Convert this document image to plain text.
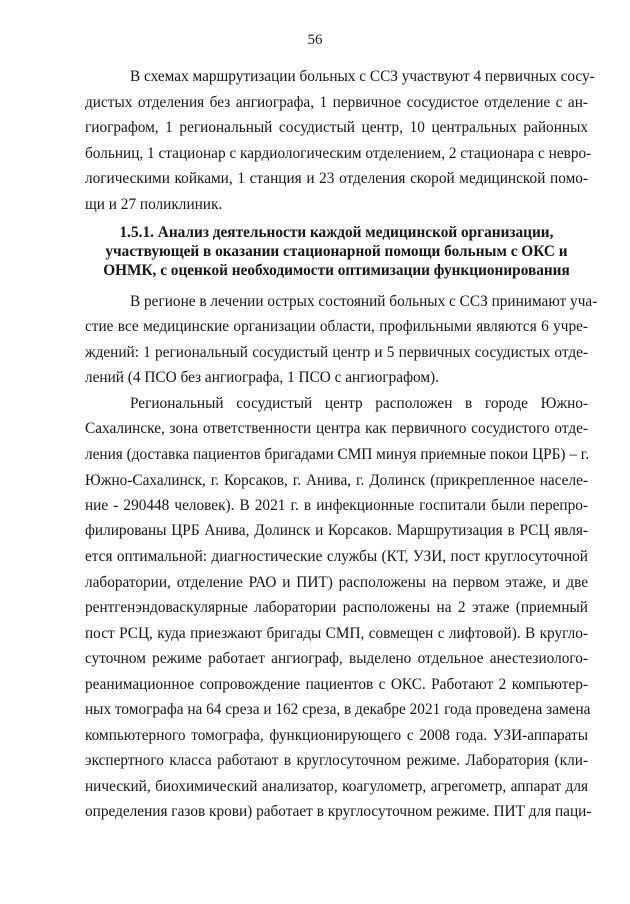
56
В схемах маршрутизации больных с ССЗ участвуют 4 первичных сосу-
дистых отделения без ангиографа, 1 первичное сосудистое отделение с ан-
гиографом, 1 региональный сосудистый центр, 10 центральных районных
больниц, 1 стационар с кардиологическим отделением, 2 стационара с невро-
логическими койками, 1 станция и 23 отделения скорой медицинской помо-
щи и 27 поликлиник.
1.5.1. Анализ деятельности каждой медицинской организации,
участвующей в оказании стационарной помощи больным с ОКС и
ОНМК, с оценкой необходимости оптимизации функционирования
В регионе в лечении острых состояний больных с ССЗ принимают уча-
стие все медицинские организации области, профильными являются 6 учре-
ждений: 1 региональный сосудистый центр и 5 первичных сосудистых отде-
лений (4 ПСО без ангиографа, 1 ПСО с ангиографом).
Региональный сосудистый центр расположен в городе Южно-
Сахалинске, зона ответственности центра как первичного сосудистого отде-
ления (доставка пациентов бригадами СМП минуя приемные покои ЦРБ) – г.
Южно-Сахалинск, г. Корсаков, г. Анива, г. Долинск (прикрепленное населе-
ние - 290448 человек). В 2021 г. в инфекционные госпитали были перепро-
филированы ЦРБ Анива, Долинск и Корсаков. Маршрутизация в РСЦ явля-
ется оптимальной: диагностические службы (КТ, УЗИ, пост круглосуточной
лаборатории, отделение РАО и ПИТ) расположены на первом этаже, и две
рентгенэндоваскулярные лаборатории расположены на 2 этаже (приемный
пост РСЦ, куда приезжают бригады СМП, совмещен с лифтовой). В кругло-
суточном режиме работает ангиограф, выделено отдельное анестезиолого-
реанимационное сопровождение пациентов с ОКС. Работают 2 компьютер-
ных томографа на 64 среза и 162 среза, в декабре 2021 года проведена замена
компьютерного томографа, функционирующего с 2008 года. УЗИ-аппараты
экспертного класса работают в круглосуточном режиме. Лаборатория (кли-
нический, биохимический анализатор, коагулометр, агрегометр, аппарат для
определения газов крови) работает в круглосуточном режиме. ПИТ для паци-
